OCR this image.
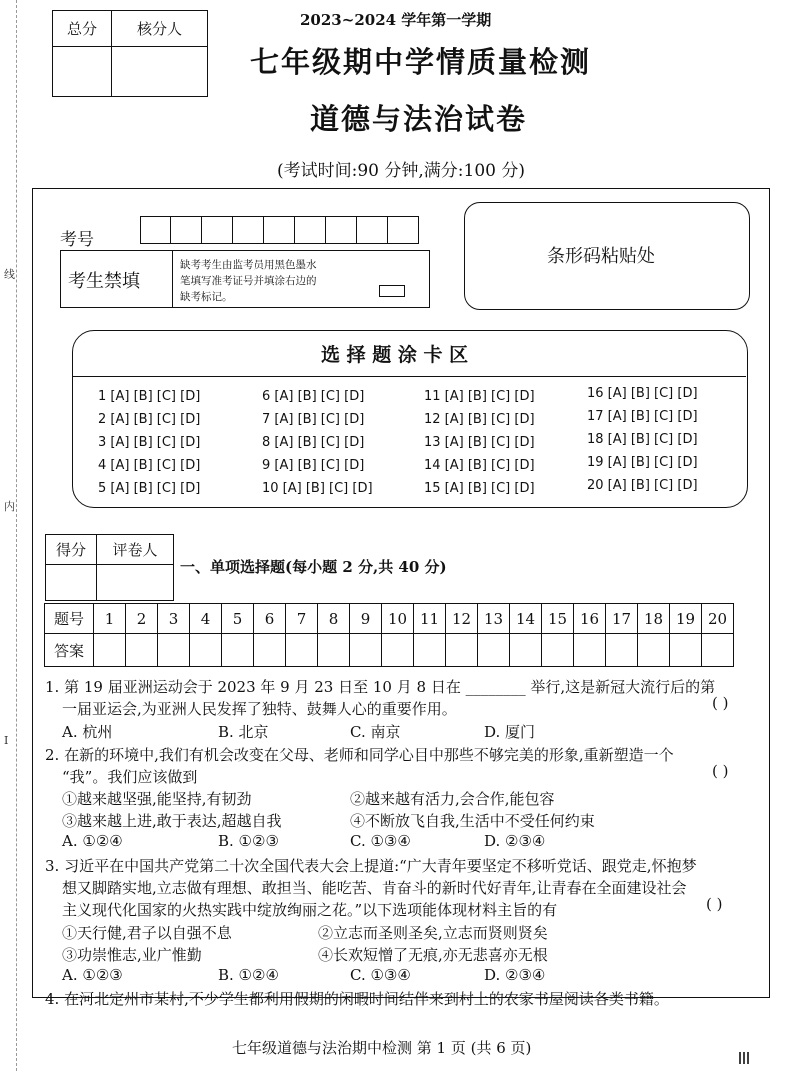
线
内
I
总分	核分人
		2023~2024 学年第一学期
七年级期中学情质量检测
道德与法治试卷
(考试时间:90 分钟,满分:100 分)
考号
考生禁填
缺考考生由监考员用黑色墨水
笔填写准考证号并填涂右边的
缺考标记。
条形码粘贴处
选 择 题 涂 卡 区
1 [A] [B] [C] [D]	6 [A] [B] [C] [D]	11 [A] [B] [C] [D]	16 [A] [B] [C] [D]
2 [A] [B] [C] [D]	7 [A] [B] [C] [D]	12 [A] [B] [C] [D]	17 [A] [B] [C] [D]
3 [A] [B] [C] [D]	8 [A] [B] [C] [D]	13 [A] [B] [C] [D]	18 [A] [B] [C] [D]
4 [A] [B] [C] [D]	9 [A] [B] [C] [D]	14 [A] [B] [C] [D]	19 [A] [B] [C] [D]
5 [A] [B] [C] [D]	10 [A] [B] [C] [D]	15 [A] [B] [C] [D]	20 [A] [B] [C] [D]
得分	评卷人

一、单项选择题(每小题 2 分,共 40 分)
题号	1	2	3	4	5	6	7	8	9	10	11	12	13	14	15	16	17	18	19	20
答案																				
1. 第 19 届亚洲运动会于 2023 年 9 月 23 日至 10 月 8 日在 ________ 举行,这是新冠大流行后的第
一届亚运会,为亚洲人民发挥了独特、鼓舞人心的重要作用。	( )
A. 杭州	B. 北京	C. 南京	D. 厦门
2. 在新的环境中,我们有机会改变在父母、老师和同学心目中那些不够完美的形象,重新塑造一个
“我”。我们应该做到	( )
①越来越坚强,能坚持,有韧劲	②越来越有活力,会合作,能包容
③越来越上进,敢于表达,超越自我	④不断放飞自我,生活中不受任何约束
A. ①②④	B. ①②③	C. ①③④	D. ②③④
3. 习近平在中国共产党第二十次全国代表大会上提道:“广大青年要坚定不移听党话、跟党走,怀抱梦
想又脚踏实地,立志做有理想、敢担当、能吃苦、肯奋斗的新时代好青年,让青春在全面建设社会
主义现代化国家的火热实践中绽放绚丽之花。”以下选项能体现材料主旨的有	( )
①天行健,君子以自强不息	②立志而圣则圣矣,立志而贤则贤矣
③功崇惟志,业广惟勤	④长欢短憎了无痕,亦无悲喜亦无根
A. ①②③	B. ①②④	C. ①③④	D. ②③④
4. 在河北定州市某村,不少学生都利用假期的闲暇时间结伴来到村上的农家书屋阅读各类书籍。
七年级道德与法治期中检测 第 1 页 (共 6 页)
